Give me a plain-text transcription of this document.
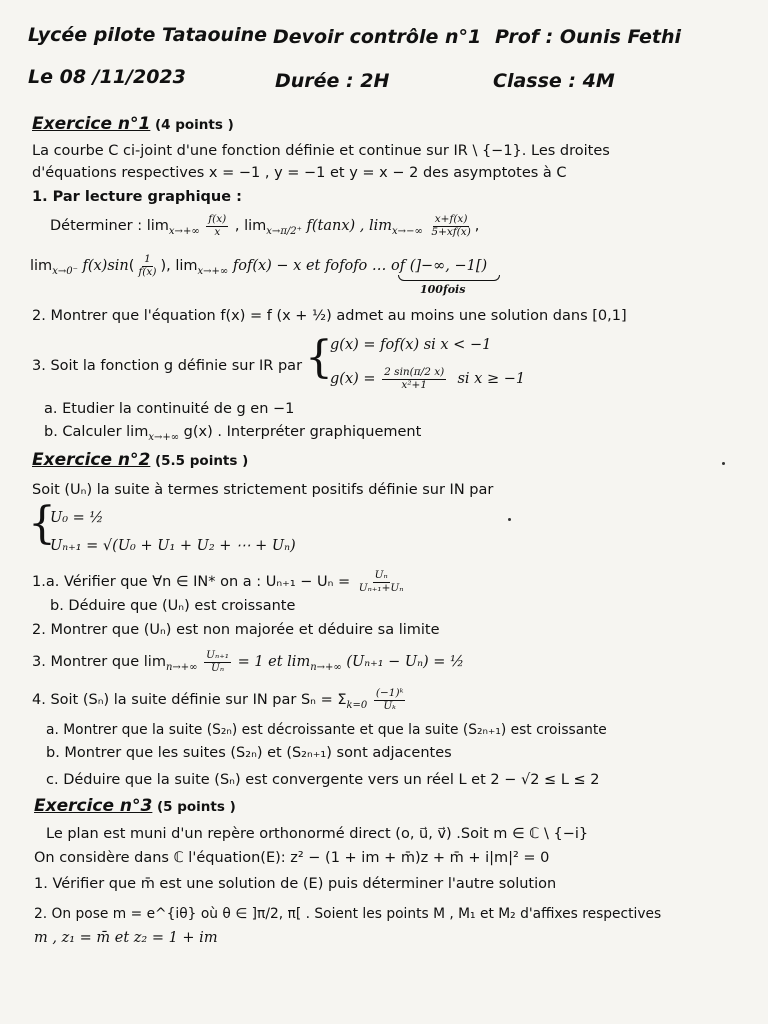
Lycée pilote Tataouine Devoir contrôle n°1 Prof : Ounis Fethi
Le 08 /11/2023	Durée : 2H	Classe : 4M
Exercice n°1 (4 points )
La courbe C ci-joint d'une fonction définie et continue sur IR \ {−1}. Les droites
d'équations respectives x = −1 , y = −1 et y = x − 2 des asymptotes à C
1. Par lecture graphique :
Déterminer : $\lim_{x\to+\infty} \frac{f(x)}{x}$ , $\lim_{x\to\pi/2^+} f(\tan x)$ , $\lim_{x\to-\infty} \frac{x+f(x)}{5+xf(x)}$ ,
$\lim_{x\to 0^-} f(x)\sin( \frac{1}{f(x)}$ ), $\lim_{x\to+\infty} fof(x) - x$ et fofofo … of (]−∞, −1[)
100fois
2. Montrer que l'équation f(x) = f (x + ½) admet au moins une solution dans [0,1]
3. Soit la fonction g définie sur IR par {
g(x) = fof(x) si x < −1
$g(x) = \frac{2 \sin(\pi/2 x)}{\text{x²+1}}$ si x ≥ −1
a. Etudier la continuité de g en −1
b. Calculer $\lim_{x\to+\infty} g(x)$ . Interpréter graphiquement
Exercice n°2 (5.5 points )
Soit (Uₙ) la suite à termes strictement positifs définie sur IN par
{
U₀ = ½
Uₙ₊₁ = √(U₀ + U₁ + U₂ + ⋯ + Uₙ)
1.a. Vérifier que ∀n ∈ IN* on a : $U_{n+1} - U_n = \frac{\text{Uₙ}}{\text{Uₙ₊₁+Uₙ}}$
b. Déduire que (Uₙ) est croissante
2. Montrer que (Uₙ) est non majorée et déduire sa limite
3. Montrer que $\lim_{n\to+\infty} \frac{\text{Uₙ₊₁}}{\text{Uₙ}} = 1$ et $\lim_{n\to+\infty} (U_{n+1} - U_n)$ = ½
4. Soit (Sₙ) la suite définie sur IN par $S_n = \Sigma_{k=0} \frac{\text{(−1)ᵏ}}{\text{Uₖ}}$
a. Montrer que la suite (S₂ₙ) est décroissante et que la suite (S₂ₙ₊₁) est croissante
b. Montrer que les suites (S₂ₙ) et (S₂ₙ₊₁) sont adjacentes
c. Déduire que la suite (Sₙ) est convergente vers un réel L et 2 − √2 ≤ L ≤ 2
Exercice n°3 (5 points )
Le plan est muni d'un repère orthonormé direct (o, u⃗, v⃗) .Soit m ∈ ℂ \ {−i}
On considère dans ℂ l'équation(E): z² − (1 + im + m̄)z + m̄ + i|m|² = 0
1. Vérifier que m̄ est une solution de (E) puis déterminer l'autre solution
2. On pose m = e^{iθ} où θ ∈ ]π/2, π[ . Soient les points M , M₁ et M₂ d'affixes respectives
m , z₁ = m̄ et z₂ = 1 + im
